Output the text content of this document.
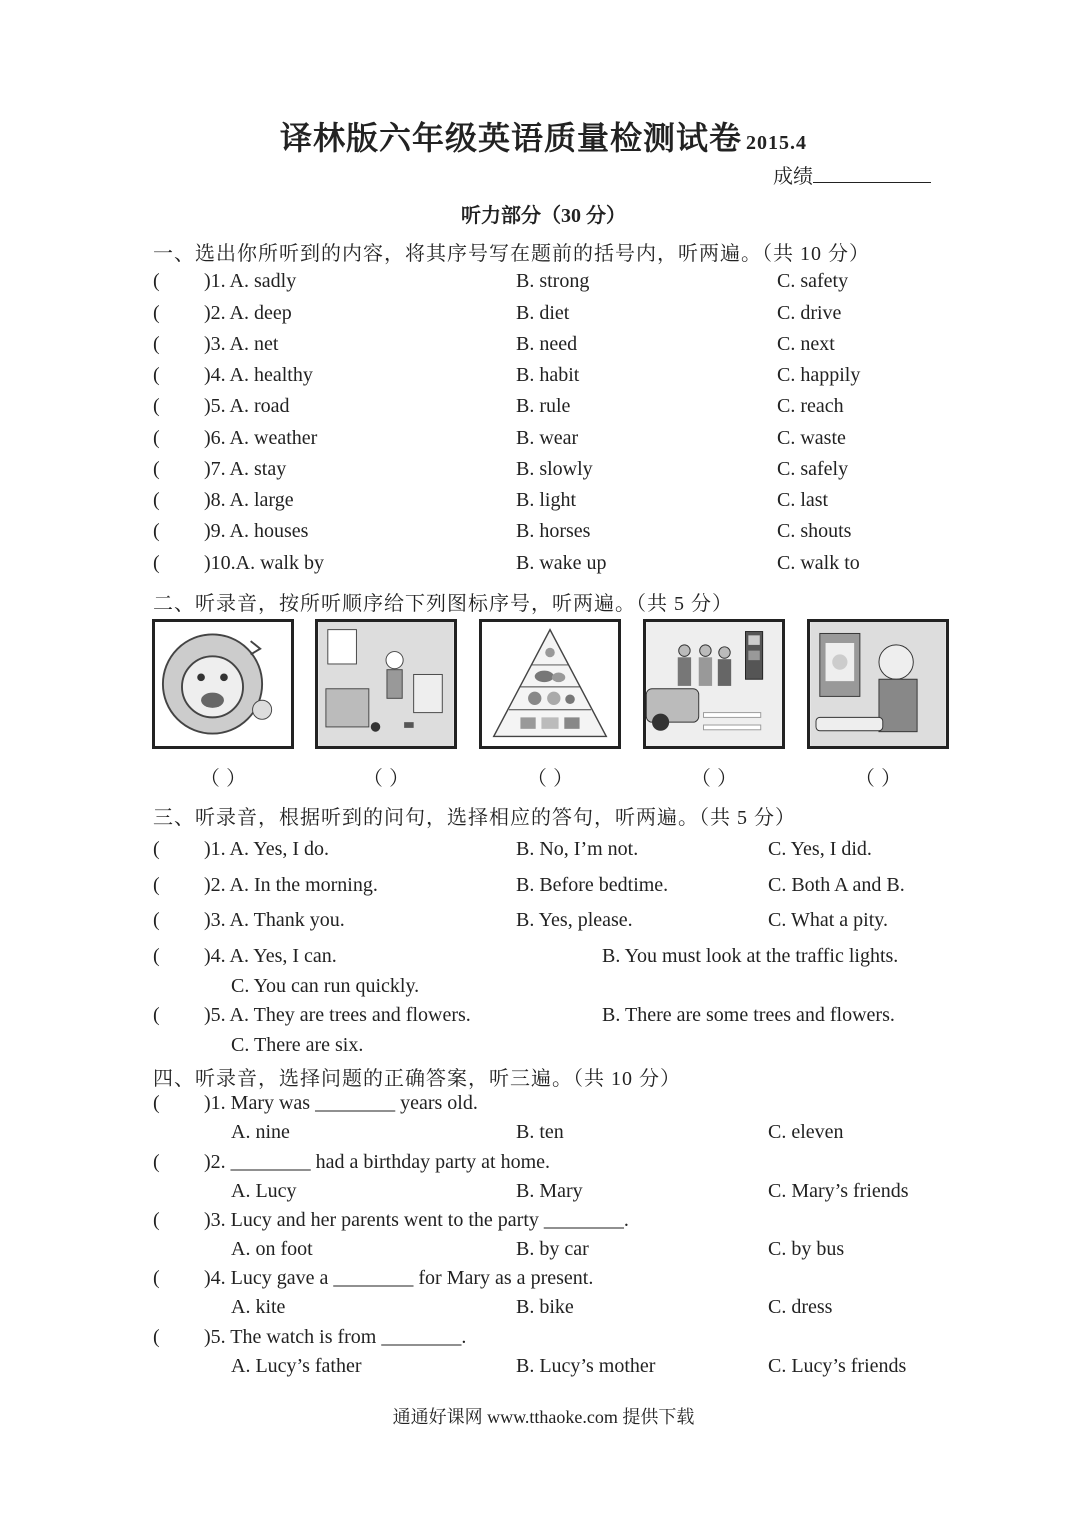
译林版六年级英语质量检测试卷 2015.4
成绩
听力部分（30 分）
一、选出你所听到的内容，将其序号写在题前的括号内，听两遍。（共 10 分）
( )1. A. sadly	B. strong	C. safety
( )2. A. deep	B. diet	C. drive
( )3. A. net	B. need	C. next
( )4. A. healthy	B. habit	C. happily
( )5. A. road	B. rule	C. reach
( )6. A. weather	B. wear	C. waste
( )7. A. stay	B. slowly	C. safely
( )8. A. large	B. light	C. last
( )9. A. houses	B. horses	C. shouts
( )10.A. walk by	B. wake up	C. walk to
二、听录音，按所听顺序给下列图标序号，听两遍。（共 5 分）
（ ）	（ ）	（ ）	（ ）	（ ）
三、听录音，根据听到的问句，选择相应的答句，听两遍。（共 5 分）
( )1. A. Yes, I do.	B. No, I’m not.	C. Yes, I did.
( )2. A. In the morning.	B. Before bedtime.	C. Both A and B.
( )3. A. Thank you.	B. Yes, please.	C. What a pity.
( )4. A. Yes, I can.	B. You must look at the traffic lights.
C. You can run quickly.
( )5. A. They are trees and flowers.	B. There are some trees and flowers.
C. There are six.
四、听录音，选择问题的正确答案，听三遍。（共 10 分）
( )1. Mary was ________ years old.
A. nine	B. ten	C. eleven
( )2. ________ had a birthday party at home.
A. Lucy	B. Mary	C. Mary’s friends
( )3. Lucy and her parents went to the party ________.
A. on foot	B. by car	C. by bus
( )4. Lucy gave a ________ for Mary as a present.
A. kite	B. bike	C. dress
( )5. The watch is from ________.
A. Lucy’s father	B. Lucy’s mother	C. Lucy’s friends
通通好课网 www.tthaoke.com 提供下载
